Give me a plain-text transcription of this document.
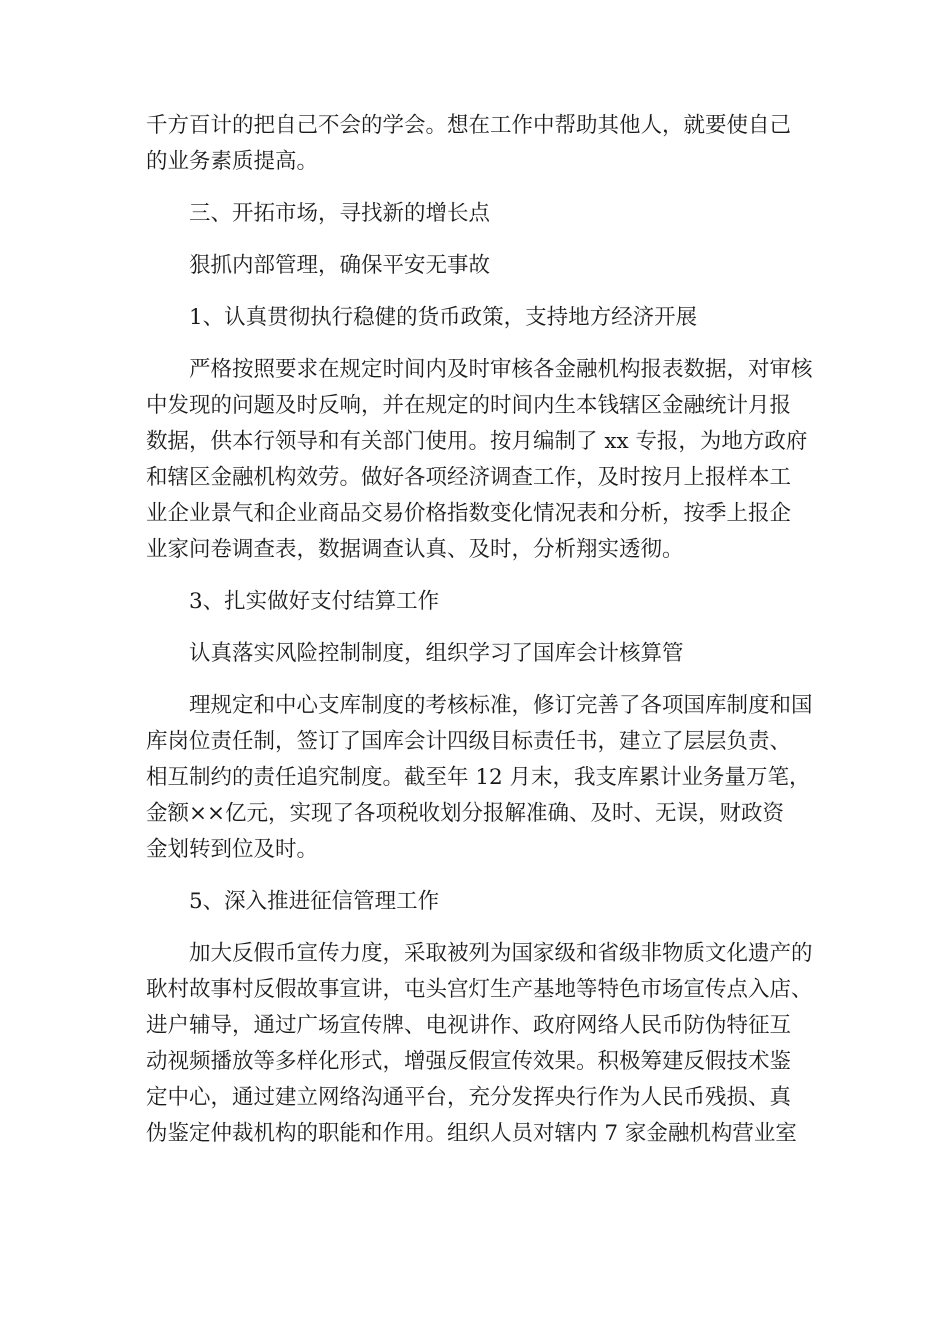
千方百计的把自己不会的学会。想在工作中帮助其他人，就要使自己

的业务素质提高。

三、开拓市场，寻找新的增长点

狠抓内部管理，确保平安无事故

1、认真贯彻执行稳健的货币政策，支持地方经济开展

严格按照要求在规定时间内及时审核各金融机构报表数据，对审核

中发现的问题及时反响，并在规定的时间内生本钱辖区金融统计月报

数据，供本行领导和有关部门使用。按月编制了 xx 专报，为地方政府

和辖区金融机构效劳。做好各项经济调查工作，及时按月上报样本工

业企业景气和企业商品交易价格指数变化情况表和分析，按季上报企

业家问卷调查表，数据调查认真、及时，分析翔实透彻。

3、扎实做好支付结算工作

认真落实风险控制制度，组织学习了国库会计核算管

理规定和中心支库制度的考核标准，修订完善了各项国库制度和国

库岗位责任制，签订了国库会计四级目标责任书，建立了层层负责、

相互制约的责任追究制度。截至年 12 月末，我支库累计业务量万笔，

金额××亿元，实现了各项税收划分报解准确、及时、无误，财政资

金划转到位及时。

5、深入推进征信管理工作

加大反假币宣传力度，采取被列为国家级和省级非物质文化遗产的

耿村故事村反假故事宣讲，屯头宫灯生产基地等特色市场宣传点入店、

进户辅导，通过广场宣传牌、电视讲作、政府网络人民币防伪特征互

动视频播放等多样化形式，增强反假宣传效果。积极筹建反假技术鉴

定中心，通过建立网络沟通平台，充分发挥央行作为人民币残损、真

伪鉴定仲裁机构的职能和作用。组织人员对辖内 7 家金融机构营业室
